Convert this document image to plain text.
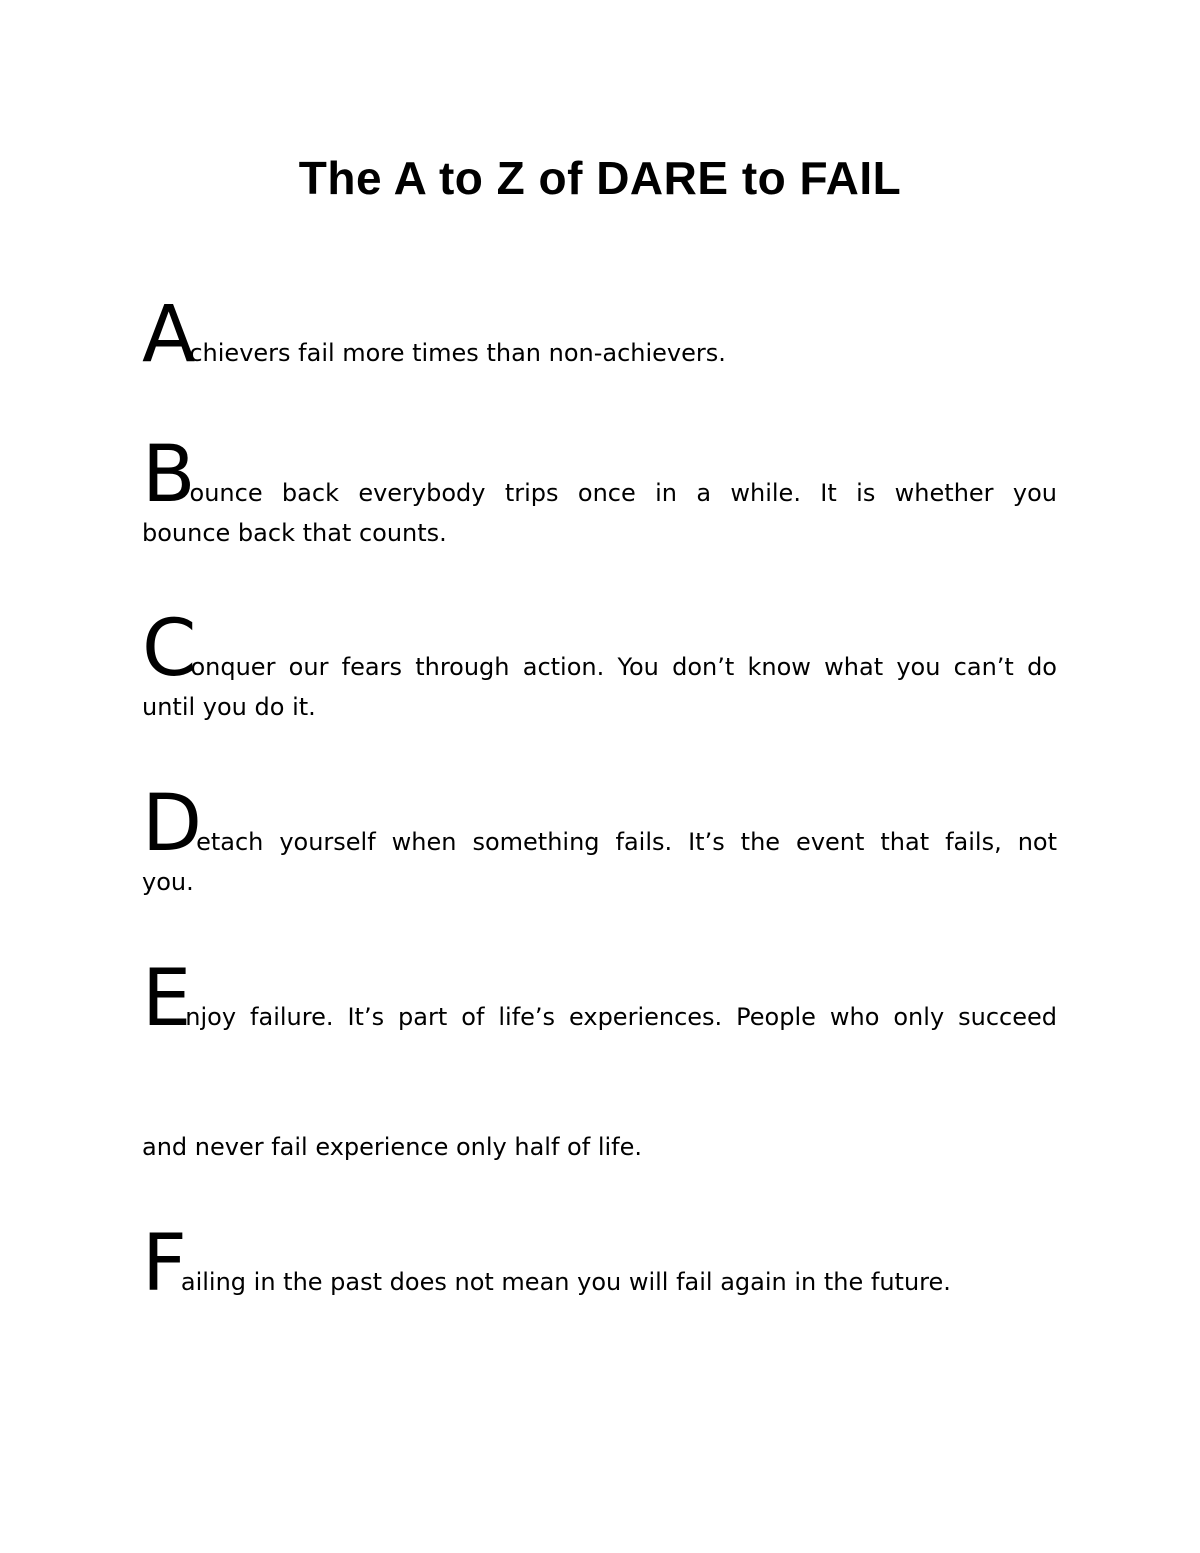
The A to Z of DARE to FAIL

Achievers fail more times than non-achievers.

Bounce back everybody trips once in a while. It is whether you
bounce back that counts.

Conquer our fears through action. You don’t know what you can’t do
until you do it.

Detach yourself when something fails. It’s the event that fails, not
you.

Enjoy failure. It’s part of life’s experiences. People who only succeed
and never fail experience only half of life.

Failing in the past does not mean you will fail again in the future.
